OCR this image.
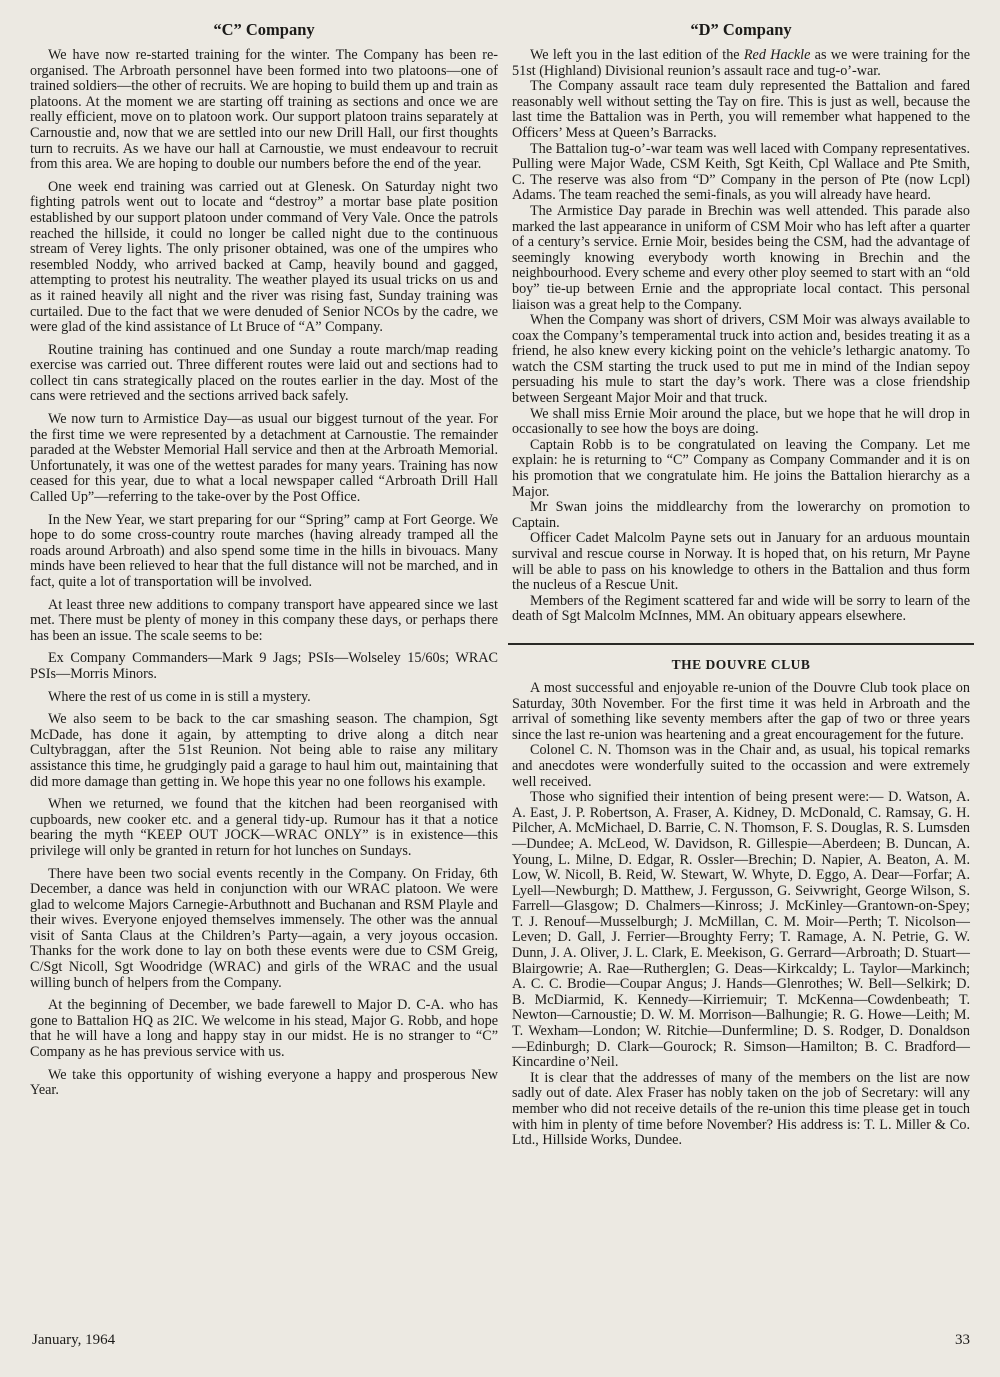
“C” Company

We have now re-started training for the winter. The Company has been re-organised. The Arbroath personnel have been formed into two platoons—one of trained soldiers—the other of recruits. We are hoping to build them up and train as platoons. At the moment we are starting off training as sections and once we are really efficient, move on to platoon work. Our support platoon trains separately at Carnoustie and, now that we are settled into our new Drill Hall, our first thoughts turn to recruits. As we have our hall at Carnoustie, we must endeavour to recruit from this area. We are hoping to double our numbers before the end of the year.

One week end training was carried out at Glenesk. On Saturday night two fighting patrols went out to locate and “destroy” a mortar base plate position established by our support platoon under command of Very Vale. Once the patrols reached the hillside, it could no longer be called night due to the continuous stream of Verey lights. The only prisoner obtained, was one of the umpires who resembled Noddy, who arrived backed at Camp, heavily bound and gagged, attempting to protest his neutrality. The weather played its usual tricks on us and as it rained heavily all night and the river was rising fast, Sunday training was curtailed. Due to the fact that we were denuded of Senior NCOs by the cadre, we were glad of the kind assistance of Lt Bruce of “A” Company.

Routine training has continued and one Sunday a route march/map reading exercise was carried out. Three different routes were laid out and sections had to collect tin cans strategically placed on the routes earlier in the day. Most of the cans were retrieved and the sections arrived back safely.

We now turn to Armistice Day—as usual our biggest turnout of the year. For the first time we were represented by a detachment at Carnoustie. The remainder paraded at the Webster Memorial Hall service and then at the Arbroath Memorial. Unfortunately, it was one of the wettest parades for many years. Training has now ceased for this year, due to what a local newspaper called “Arbroath Drill Hall Called Up”—referring to the take-over by the Post Office.

In the New Year, we start preparing for our “Spring” camp at Fort George. We hope to do some cross-country route marches (having already tramped all the roads around Arbroath) and also spend some time in the hills in bivouacs. Many minds have been relieved to hear that the full distance will not be marched, and in fact, quite a lot of transportation will be involved.

At least three new additions to company transport have appeared since we last met. There must be plenty of money in this company these days, or perhaps there has been an issue. The scale seems to be:

Ex Company Commanders—Mark 9 Jags; PSIs—Wolseley 15/60s; WRAC PSIs—Morris Minors.

Where the rest of us come in is still a mystery.

We also seem to be back to the car smashing season. The champion, Sgt McDade, has done it again, by attempting to drive along a ditch near Cultybraggan, after the 51st Reunion. Not being able to raise any military assistance this time, he grudgingly paid a garage to haul him out, maintaining that did more damage than getting in. We hope this year no one follows his example.

When we returned, we found that the kitchen had been reorganised with cupboards, new cooker etc. and a general tidy-up. Rumour has it that a notice bearing the myth “KEEP OUT JOCK—WRAC ONLY” is in existence—this privilege will only be granted in return for hot lunches on Sundays.

There have been two social events recently in the Company. On Friday, 6th December, a dance was held in conjunction with our WRAC platoon. We were glad to welcome Majors Carnegie-Arbuthnott and Buchanan and RSM Playle and their wives. Everyone enjoyed themselves immensely. The other was the annual visit of Santa Claus at the Children’s Party—again, a very joyous occasion. Thanks for the work done to lay on both these events were due to CSM Greig, C/Sgt Nicoll, Sgt Woodridge (WRAC) and girls of the WRAC and the usual willing bunch of helpers from the Company.

At the beginning of December, we bade farewell to Major D. C-A. who has gone to Battalion HQ as 2IC. We welcome in his stead, Major G. Robb, and hope that he will have a long and happy stay in our midst. He is no stranger to “C” Company as he has previous service with us.

We take this opportunity of wishing everyone a happy and prosperous New Year.

“D” Company

We left you in the last edition of the Red Hackle as we were training for the 51st (Highland) Divisional reunion’s assault race and tug-o’-war.

The Company assault race team duly represented the Battalion and fared reasonably well without setting the Tay on fire. This is just as well, because the last time the Battalion was in Perth, you will remember what happened to the Officers’ Mess at Queen’s Barracks.

The Battalion tug-o’-war team was well laced with Company representatives. Pulling were Major Wade, CSM Keith, Sgt Keith, Cpl Wallace and Pte Smith, C. The reserve was also from “D” Company in the person of Pte (now Lcpl) Adams. The team reached the semi-finals, as you will already have heard.

The Armistice Day parade in Brechin was well attended. This parade also marked the last appearance in uniform of CSM Moir who has left after a quarter of a century’s service. Ernie Moir, besides being the CSM, had the advantage of seemingly knowing everybody worth knowing in Brechin and the neighbourhood. Every scheme and every other ploy seemed to start with an “old boy” tie-up between Ernie and the appropriate local contact. This personal liaison was a great help to the Company.

When the Company was short of drivers, CSM Moir was always available to coax the Company’s temperamental truck into action and, besides treating it as a friend, he also knew every kicking point on the vehicle’s lethargic anatomy. To watch the CSM starting the truck used to put me in mind of the Indian sepoy persuading his mule to start the day’s work. There was a close friendship between Sergeant Major Moir and that truck.

We shall miss Ernie Moir around the place, but we hope that he will drop in occasionally to see how the boys are doing.

Captain Robb is to be congratulated on leaving the Company. Let me explain: he is returning to “C” Company as Company Commander and it is on his promotion that we congratulate him. He joins the Battalion hierarchy as a Major.

Mr Swan joins the middlearchy from the lowerarchy on promotion to Captain.

Officer Cadet Malcolm Payne sets out in January for an arduous mountain survival and rescue course in Norway. It is hoped that, on his return, Mr Payne will be able to pass on his knowledge to others in the Battalion and thus form the nucleus of a Rescue Unit.

Members of the Regiment scattered far and wide will be sorry to learn of the death of Sgt Malcolm McInnes, MM. An obituary appears elsewhere.

THE DOUVRE CLUB

A most successful and enjoyable re-union of the Douvre Club took place on Saturday, 30th November. For the first time it was held in Arbroath and the arrival of something like seventy members after the gap of two or three years since the last re-union was heartening and a great encouragement for the future.

Colonel C. N. Thomson was in the Chair and, as usual, his topical remarks and anecdotes were wonderfully suited to the occassion and were extremely well received.

Those who signified their intention of being present were:— D. Watson, A. A. East, J. P. Robertson, A. Fraser, A. Kidney, D. McDonald, C. Ramsay, G. H. Pilcher, A. McMichael, D. Barrie, C. N. Thomson, F. S. Douglas, R. S. Lumsden—Dundee; A. McLeod, W. Davidson, R. Gillespie—Aberdeen; B. Duncan, A. Young, L. Milne, D. Edgar, R. Ossler—Brechin; D. Napier, A. Beaton, A. M. Low, W. Nicoll, B. Reid, W. Stewart, W. Whyte, D. Eggo, A. Dear—Forfar; A. Lyell—Newburgh; D. Matthew, J. Fergusson, G. Seivwright, George Wilson, S. Farrell—Glasgow; D. Chalmers—Kinross; J. McKinley—Grantown-on-Spey; T. J. Renouf—Musselburgh; J. McMillan, C. M. Moir—Perth; T. Nicolson—Leven; D. Gall, J. Ferrier—Broughty Ferry; T. Ramage, A. N. Petrie, G. W. Dunn, J. A. Oliver, J. L. Clark, E. Meekison, G. Gerrard—Arbroath; D. Stuart—Blairgowrie; A. Rae—Rutherglen; G. Deas—Kirkcaldy; L. Taylor—Markinch; A. C. C. Brodie—Coupar Angus; J. Hands—Glenrothes; W. Bell—Selkirk; D. B. McDiarmid, K. Kennedy—Kirriemuir; T. McKenna—Cowdenbeath; T. Newton—Carnoustie; D. W. M. Morrison—Balhungie; R. G. Howe—Leith; M. T. Wexham—London; W. Ritchie—Dunfermline; D. S. Rodger, D. Donaldson—Edinburgh; D. Clark—Gourock; R. Simson—Hamilton; B. C. Bradford—Kincardine o’Neil.

It is clear that the addresses of many of the members on the list are now sadly out of date. Alex Fraser has nobly taken on the job of Secretary: will any member who did not receive details of the re-union this time please get in touch with him in plenty of time before November? His address is: T. L. Miller & Co. Ltd., Hillside Works, Dundee.

January, 1964	33
